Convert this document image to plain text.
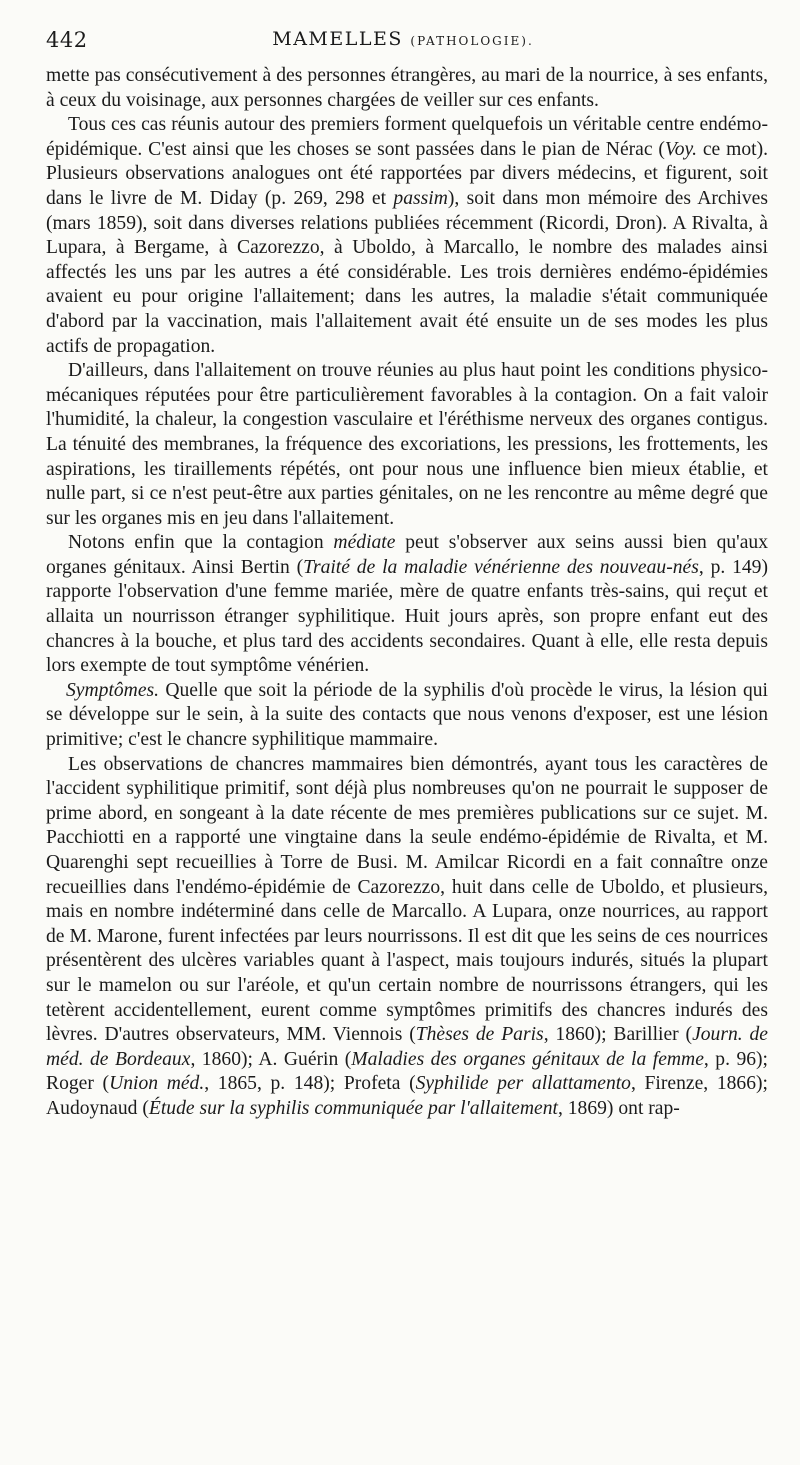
442	MAMELLES (PATHOLOGIE).

mette pas consécutivement à des personnes étrangères, au mari de la nourrice, à ses enfants, à ceux du voisinage, aux personnes chargées de veiller sur ces enfants.

Tous ces cas réunis autour des premiers forment quelquefois un véritable centre endémo-épidémique. C'est ainsi que les choses se sont passées dans le pian de Nérac (Voy. ce mot). Plusieurs observations analogues ont été rapportées par divers médecins, et figurent, soit dans le livre de M. Diday (p. 269, 298 et passim), soit dans mon mémoire des Archives (mars 1859), soit dans diverses relations publiées récemment (Ricordi, Dron). A Rivalta, à Lupara, à Bergame, à Cazorezzo, à Uboldo, à Marcallo, le nombre des malades ainsi affectés les uns par les autres a été considérable. Les trois dernières endémo-épidémies avaient eu pour origine l'allaitement; dans les autres, la maladie s'était communiquée d'abord par la vaccination, mais l'allaitement avait été ensuite un de ses modes les plus actifs de propagation.

D'ailleurs, dans l'allaitement on trouve réunies au plus haut point les conditions physico-mécaniques réputées pour être particulièrement favorables à la contagion. On a fait valoir l'humidité, la chaleur, la congestion vasculaire et l'éréthisme nerveux des organes contigus. La ténuité des membranes, la fréquence des excoriations, les pressions, les frottements, les aspirations, les tiraillements répétés, ont pour nous une influence bien mieux établie, et nulle part, si ce n'est peut-être aux parties génitales, on ne les rencontre au même degré que sur les organes mis en jeu dans l'allaitement.

Notons enfin que la contagion médiate peut s'observer aux seins aussi bien qu'aux organes génitaux. Ainsi Bertin (Traité de la maladie vénérienne des nouveau-nés, p. 149) rapporte l'observation d'une femme mariée, mère de quatre enfants très-sains, qui reçut et allaita un nourrisson étranger syphilitique. Huit jours après, son propre enfant eut des chancres à la bouche, et plus tard des accidents secondaires. Quant à elle, elle resta depuis lors exempte de tout symptôme vénérien.

Symptômes. Quelle que soit la période de la syphilis d'où procède le virus, la lésion qui se développe sur le sein, à la suite des contacts que nous venons d'exposer, est une lésion primitive; c'est le chancre syphilitique mammaire.

Les observations de chancres mammaires bien démontrés, ayant tous les caractères de l'accident syphilitique primitif, sont déjà plus nombreuses qu'on ne pourrait le supposer de prime abord, en songeant à la date récente de mes premières publications sur ce sujet. M. Pacchiotti en a rapporté une vingtaine dans la seule endémo-épidémie de Rivalta, et M. Quarenghi sept recueillies à Torre de Busi. M. Amilcar Ricordi en a fait connaître onze recueillies dans l'endémo-épidémie de Cazorezzo, huit dans celle de Uboldo, et plusieurs, mais en nombre indéterminé dans celle de Marcallo. A Lupara, onze nourrices, au rapport de M. Marone, furent infectées par leurs nourrissons. Il est dit que les seins de ces nourrices présentèrent des ulcères variables quant à l'aspect, mais toujours indurés, situés la plupart sur le mamelon ou sur l'aréole, et qu'un certain nombre de nourrissons étrangers, qui les tetèrent accidentellement, eurent comme symptômes primitifs des chancres indurés des lèvres. D'autres observateurs, MM. Viennois (Thèses de Paris, 1860); Barillier (Journ. de méd. de Bordeaux, 1860); A. Guérin (Maladies des organes génitaux de la femme, p. 96); Roger (Union méd., 1865, p. 148); Profeta (Syphilide per allattamento, Firenze, 1866); Audoynaud (Étude sur la syphilis communiquée par l'allaitement, 1869) ont rap-
